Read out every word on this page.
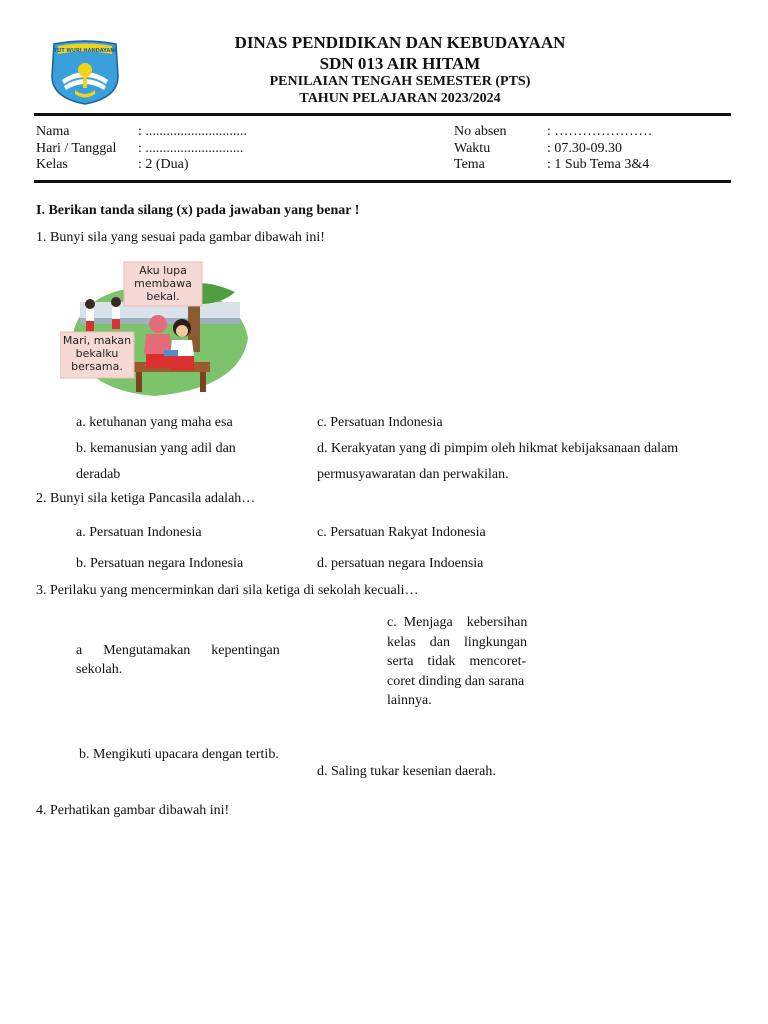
TUT WURI HANDAYANI	DINAS PENDIDIKAN DAN KEBUDAYAAN
SDN 013 AIR HITAM
PENILAIAN TENGAH SEMESTER (PTS)
TAHUN PELAJARAN 2023/2024
Nama	: .............................
Hari / Tanggal : ............................
Kelas	: 2 (Dua)
No absen	: …………………
Waktu	: 07.30-09.30
Tema	: 1 Sub Tema 3&4
I. Berikan tanda silang (x) pada jawaban yang benar !
1. Bunyi sila yang sesuai pada gambar dibawah ini!
Aku lupa
membawa
bekal.
Mari, makan
bekalku
bersama.
a. ketuhanan yang maha esa
b. kemanusian yang adil dan
deradab
c. Persatuan Indonesia
d. Kerakyatan yang di pimpim oleh hikmat kebijaksanaan dalam
permusyawaratan dan perwakilan.
2. Bunyi sila ketiga Pancasila adalah…
a. Persatuan Indonesia
b. Persatuan negara Indonesia
c. Persatuan Rakyat Indonesia
d. persatuan negara Indoensia
3. Perilaku yang mencerminkan dari sila ketiga di sekolah kecuali…
a      Mengutamakan      kepentingan
sekolah.
c.  Menjaga    kebersihan
kelas    dan    lingkungan
serta    tidak    mencoret-
coret dinding dan sarana
lainnya.
b. Mengikuti upacara dengan tertib.
d. Saling tukar kesenian daerah.
4. Perhatikan gambar dibawah ini!
